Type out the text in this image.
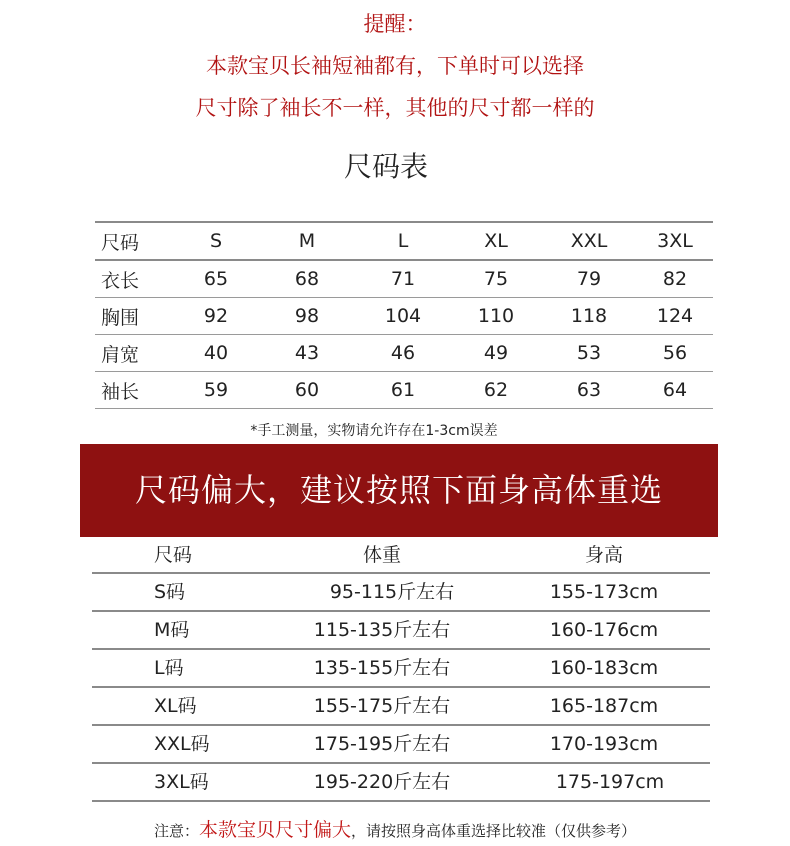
提醒：
本款宝贝长袖短袖都有，下单时可以选择
尺寸除了袖长不一样，其他的尺寸都一样的
尺码表
尺码	S	M	L	XL	XXL	3XL
衣长	65	68	71	75	79	82
胸围	92	98	104	110	118	124
肩宽	40	43	46	49	53	56
袖长	59	60	61	62	63	64
*手工测量，实物请允许存在1-3cm误差
尺码偏大，建议按照下面身高体重选
尺码	体重	身高
S码	95-115斤左右	155-173cm
M码	115-135斤左右	160-176cm
L码	135-155斤左右	160-183cm
XL码	155-175斤左右	165-187cm
XXL码	175-195斤左右	170-193cm
3XL码	195-220斤左右	175-197cm
注意：本款宝贝尺寸偏大，请按照身高体重选择比较准（仅供参考）
